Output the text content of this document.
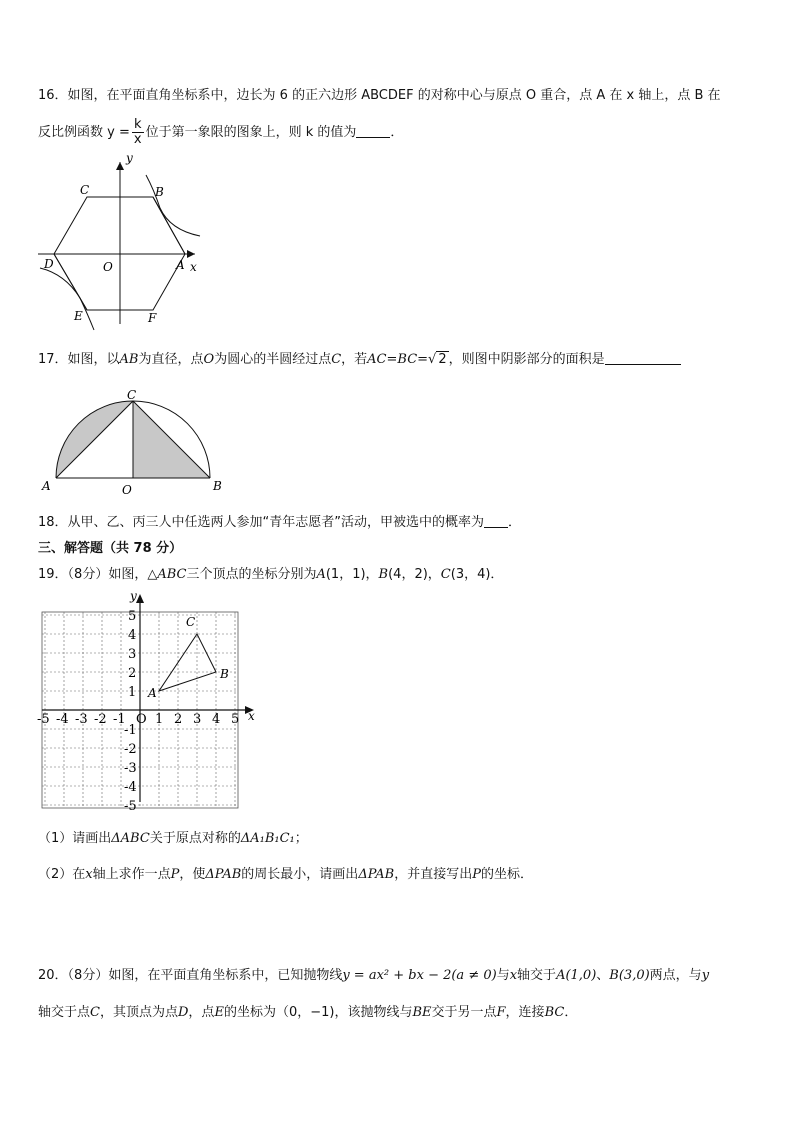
16．如图，在平面直角坐标系中，边长为 6 的正六边形 ABCDEF 的对称中心与原点 O 重合，点 A 在 x 轴上，点 B 在
反比例函数 $y = \frac{k}{x}$ 位于第一象限的图象上，则 k 的值为	．
C	B
D	O	A x
y
E	F
17．如图，以AB为直径，点O为圆心的半圆经过点C，若AC=BC=√ 2 ，则图中阴影部分的面积是
C
A	O	B
18．从甲、乙、丙三人中任选两人参加“青年志愿者”活动，甲被选中的概率为 ．
三、解答题（共 78 分）
19．（8分）如图，△ABC三个顶点的坐标分别为A(1，1)，B(4，2)，C(3，4)．
-5 -4 -3 -2 -1 O 1 2 3 4 5
5
4
3
2
1
-1
-2
-3
-4
-5
x
y
A
B
C
（1）请画出ΔABC关于原点对称的ΔA₁B₁C₁；
（2）在x轴上求作一点P，使ΔPAB的周长最小，请画出ΔPAB，并直接写出P的坐标．
20．（8分）如图，在平面直角坐标系中，已知抛物线y = ax² + bx − 2(a ≠ 0)与x轴交于A(1,0)、B(3,0)两点，与y
轴交于点C，其顶点为点D，点E的坐标为（0，−1)，该抛物线与BE交于另一点F，连接BC．
